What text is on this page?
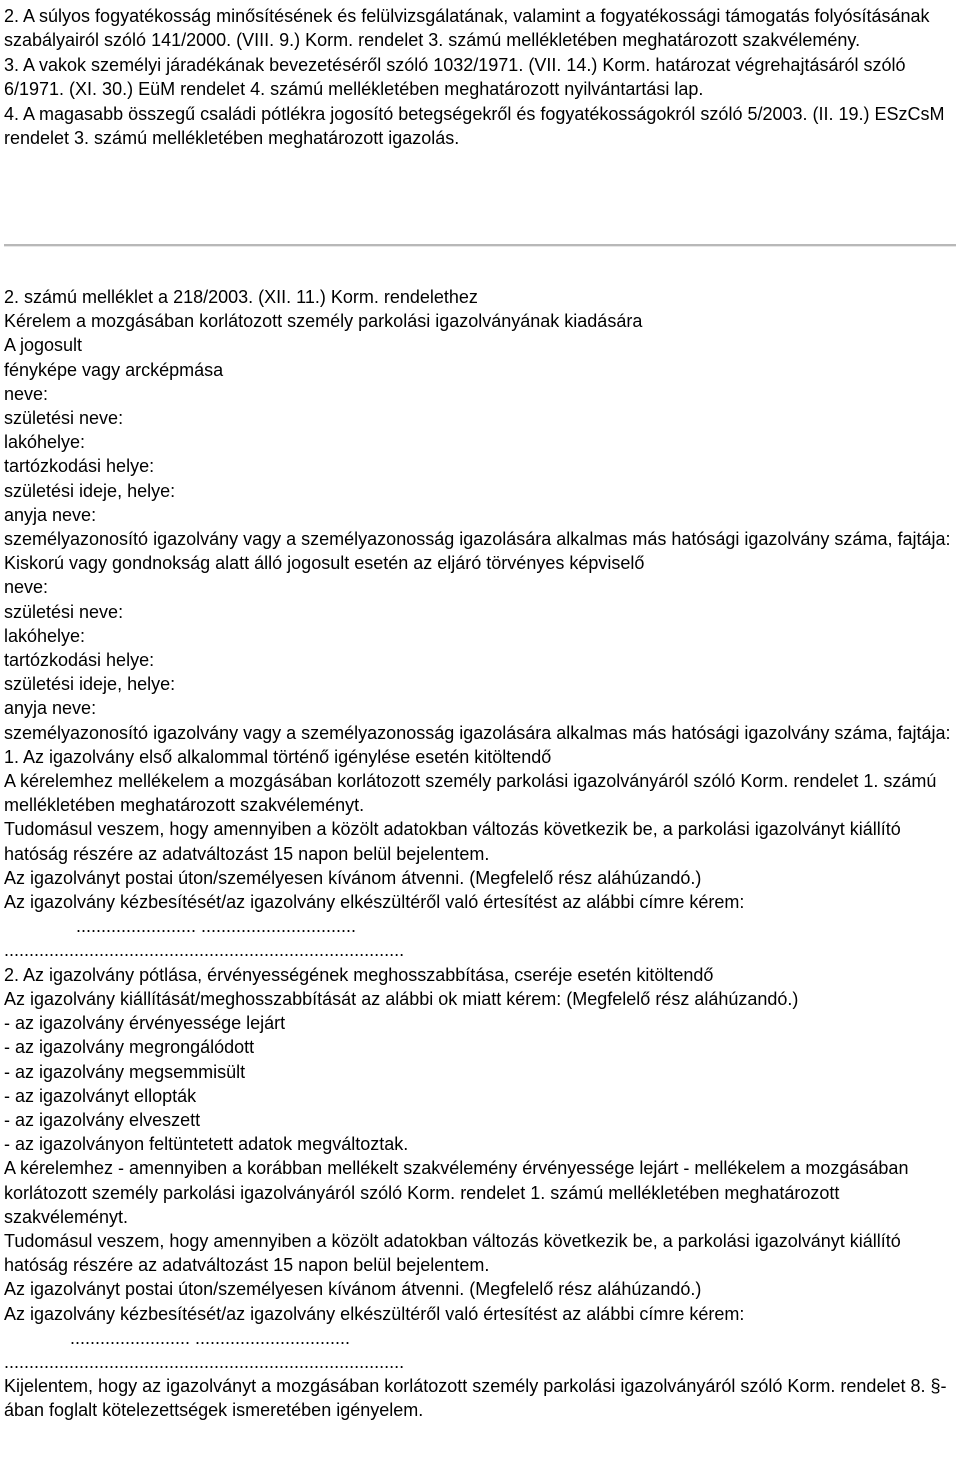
2. A súlyos fogyatékosság minősítésének és felülvizsgálatának, valamint a fogyatékossági támogatás folyósításának szabályairól szóló 141/2000. (VIII. 9.) Korm. rendelet 3. számú mellékletében meghatározott szakvélemény.

3. A vakok személyi járadékának bevezetéséről szóló 1032/1971. (VII. 14.) Korm. határozat végrehajtásáról szóló 6/1971. (XI. 30.) EüM rendelet 4. számú mellékletében meghatározott nyilvántartási lap.

4. A magasabb összegű családi pótlékra jogosító betegségekről és fogyatékosságokról szóló 5/2003. (II. 19.) ESzCsM rendelet 3. számú mellékletében meghatározott igazolás.

2. számú melléklet a 218/2003. (XII. 11.) Korm. rendelethez

Kérelem a mozgásában korlátozott személy parkolási igazolványának kiadására

A jogosult

fényképe vagy arcképmása

neve:

születési neve:

lakóhelye:

tartózkodási helye:

születési ideje, helye:

anyja neve:

személyazonosító igazolvány vagy a személyazonosság igazolására alkalmas más hatósági igazolvány száma, fajtája:

Kiskorú vagy gondnokság alatt álló jogosult esetén az eljáró törvényes képviselő

neve:

születési neve:

lakóhelye:

tartózkodási helye:

születési ideje, helye:

anyja neve:

személyazonosító igazolvány vagy a személyazonosság igazolására alkalmas más hatósági igazolvány száma, fajtája:

1. Az igazolvány első alkalommal történő igénylése esetén kitöltendő

A kérelemhez mellékelem a mozgásában korlátozott személy parkolási igazolványáról szóló Korm. rendelet 1. számú mellékletében meghatározott szakvéleményt.

Tudomásul veszem, hogy amennyiben a közölt adatokban változás következik be, a parkolási igazolványt kiállító hatóság részére az adatváltozást 15 napon belül bejelentem.

Az igazolványt postai úton/személyesen kívánom átvenni. (Megfelelő rész aláhúzandó.)

Az igazolvány kézbesítését/az igazolvány elkészültéről való értesítést az alábbi címre kérem:

........................ ...............................

................................................................................

2. Az igazolvány pótlása, érvényességének meghosszabbítása, cseréje esetén kitöltendő

Az igazolvány kiállítását/meghosszabbítását az alábbi ok miatt kérem: (Megfelelő rész aláhúzandó.)

- az igazolvány érvényessége lejárt

- az igazolvány megrongálódott

- az igazolvány megsemmisült

- az igazolványt ellopták

- az igazolvány elveszett

- az igazolványon feltüntetett adatok megváltoztak.

A kérelemhez - amennyiben a korábban mellékelt szakvélemény érvényessége lejárt - mellékelem a mozgásában korlátozott személy parkolási igazolványáról szóló Korm. rendelet 1. számú mellékletében meghatározott szakvéleményt.

Tudomásul veszem, hogy amennyiben a közölt adatokban változás következik be, a parkolási igazolványt kiállító hatóság részére az adatváltozást 15 napon belül bejelentem.

Az igazolványt postai úton/személyesen kívánom átvenni. (Megfelelő rész aláhúzandó.)

Az igazolvány kézbesítését/az igazolvány elkészültéről való értesítést az alábbi címre kérem:

........................ ...............................

................................................................................

Kijelentem, hogy az igazolványt a mozgásában korlátozott személy parkolási igazolványáról szóló Korm. rendelet 8. §-ában foglalt kötelezettségek ismeretében igényelem.
